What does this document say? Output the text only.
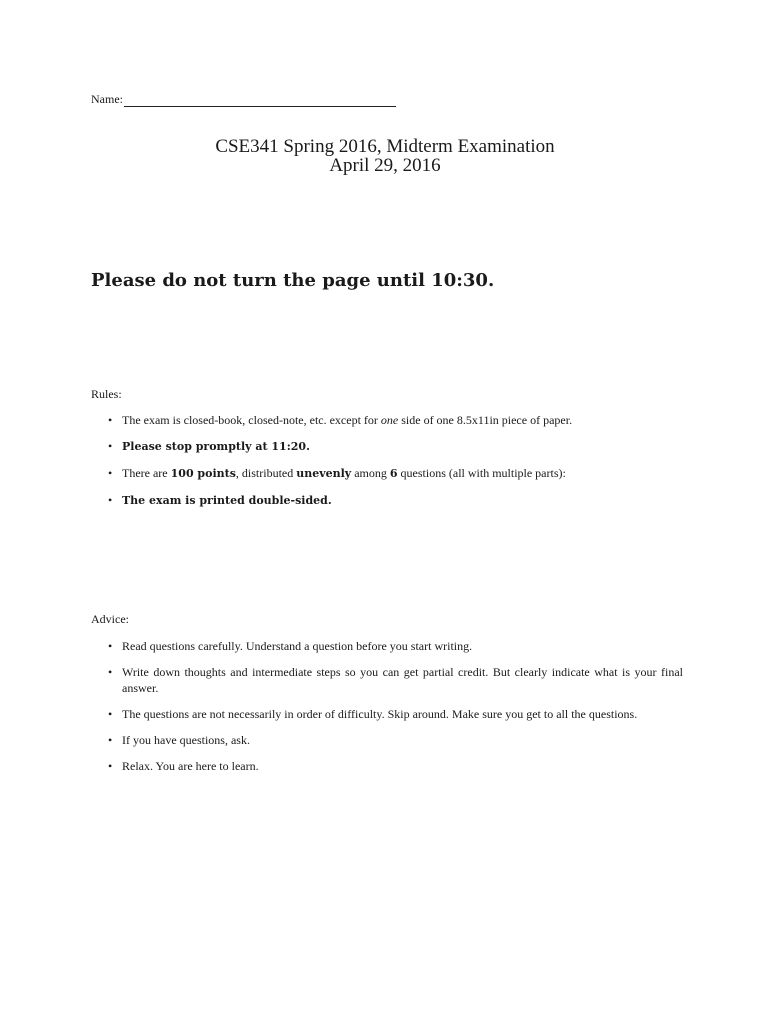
Name:
CSE341 Spring 2016, Midterm Examination
April 29, 2016
Please do not turn the page until 10:30.
Rules:
• The exam is closed-book, closed-note, etc. except for one side of one 8.5x11in piece of paper.
• Please stop promptly at 11:20.
• There are 100 points, distributed unevenly among 6 questions (all with multiple parts):
• The exam is printed double-sided.
Advice:
• Read questions carefully. Understand a question before you start writing.
• Write down thoughts and intermediate steps so you can get partial credit. But clearly indicate what is your final answer.
• The questions are not necessarily in order of difficulty. Skip around. Make sure you get to all the questions.
• If you have questions, ask.
• Relax. You are here to learn.
